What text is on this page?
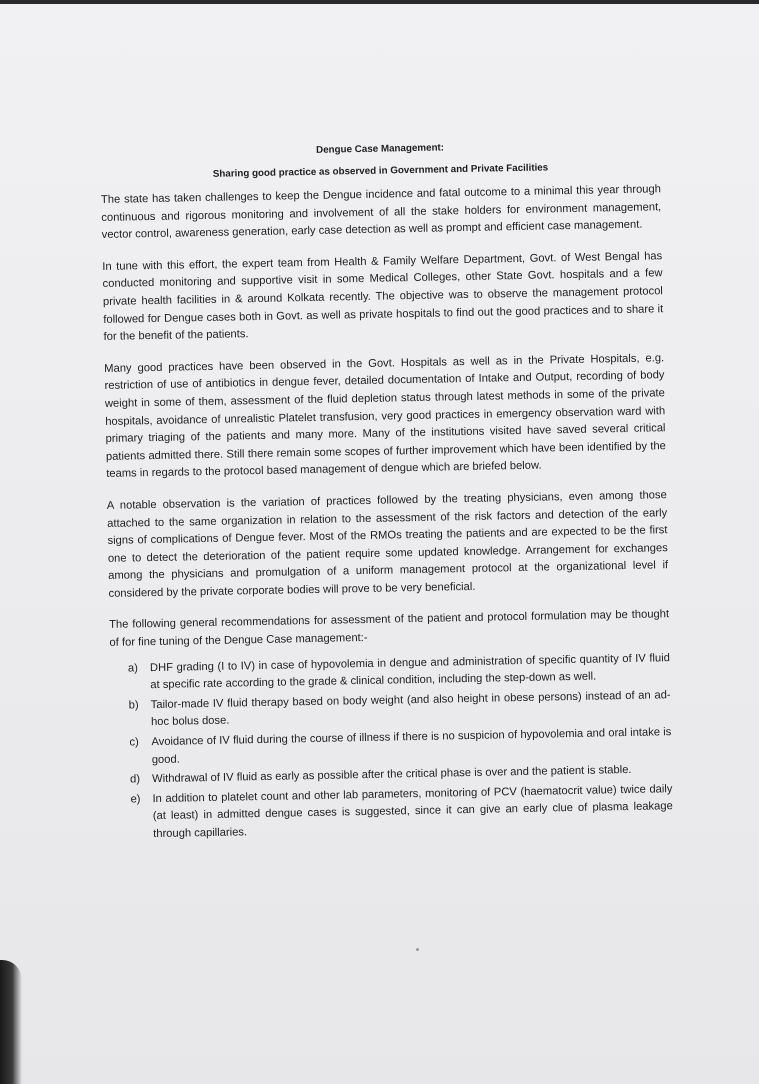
Dengue Case Management:
Sharing good practice as observed in Government and Private Facilities

The state has taken challenges to keep the Dengue incidence and fatal outcome to a minimal this year through continuous and rigorous monitoring and involvement of all the stake holders for environment management, vector control, awareness generation, early case detection as well as prompt and efficient case management.

In tune with this effort, the expert team from Health & Family Welfare Department, Govt. of West Bengal has conducted monitoring and supportive visit in some Medical Colleges, other State Govt. hospitals and a few private health facilities in & around Kolkata recently. The objective was to observe the management protocol followed for Dengue cases both in Govt. as well as private hospitals to find out the good practices and to share it for the benefit of the patients.

Many good practices have been observed in the Govt. Hospitals as well as in the Private Hospitals, e.g. restriction of use of antibiotics in dengue fever, detailed documentation of Intake and Output, recording of body weight in some of them, assessment of the fluid depletion status through latest methods in some of the private hospitals, avoidance of unrealistic Platelet transfusion, very good practices in emergency observation ward with primary triaging of the patients and many more. Many of the institutions visited have saved several critical patients admitted there. Still there remain some scopes of further improvement which have been identified by the teams in regards to the protocol based management of dengue which are briefed below.

A notable observation is the variation of practices followed by the treating physicians, even among those attached to the same organization in relation to the assessment of the risk factors and detection of the early signs of complications of Dengue fever. Most of the RMOs treating the patients and are expected to be the first one to detect the deterioration of the patient require some updated knowledge. Arrangement for exchanges among the physicians and promulgation of a uniform management protocol at the organizational level if considered by the private corporate bodies will prove to be very beneficial.

The following general recommendations for assessment of the patient and protocol formulation may be thought of for fine tuning of the Dengue Case management:-

a) DHF grading (I to IV) in case of hypovolemia in dengue and administration of specific quantity of IV fluid at specific rate according to the grade & clinical condition, including the step-down as well.
b) Tailor-made IV fluid therapy based on body weight (and also height in obese persons) instead of an ad-hoc bolus dose.
c) Avoidance of IV fluid during the course of illness if there is no suspicion of hypovolemia and oral intake is good.
d) Withdrawal of IV fluid as early as possible after the critical phase is over and the patient is stable.
e) In addition to platelet count and other lab parameters, monitoring of PCV (haematocrit value) twice daily (at least) in admitted dengue cases is suggested, since it can give an early clue of plasma leakage through capillaries.
